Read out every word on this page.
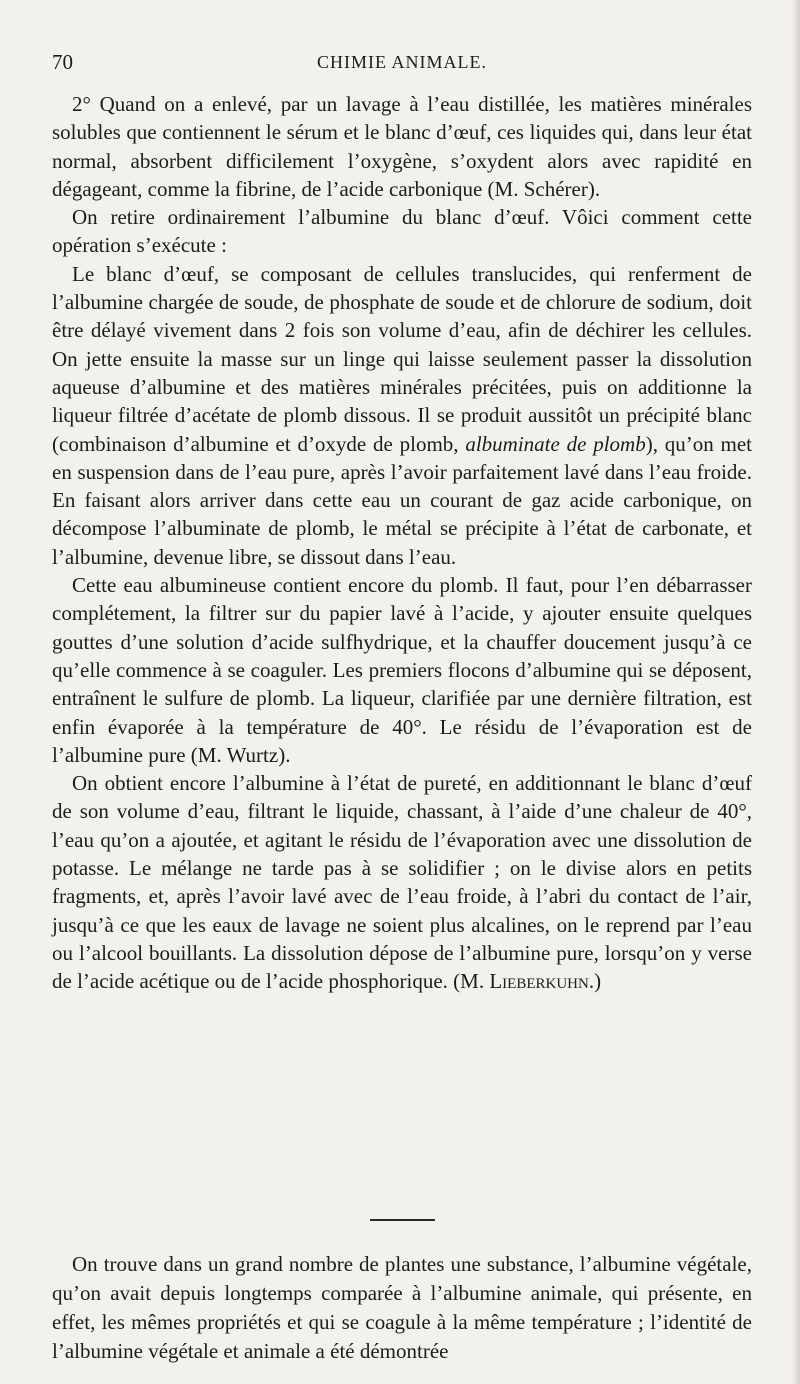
70	CHIMIE ANIMALE.

2° Quand on a enlevé, par un lavage à l’eau distillée, les matières minérales solubles que contiennent le sérum et le blanc d’œuf, ces liquides qui, dans leur état normal, absorbent difficilement l’oxygène, s’oxydent alors avec rapidité en dégageant, comme la fibrine, de l’acide carbonique (M. Schérer).

On retire ordinairement l’albumine du blanc d’œuf. Vôici comment cette opération s’exécute :

Le blanc d’œuf, se composant de cellules translucides, qui renferment de l’albumine chargée de soude, de phosphate de soude et de chlorure de sodium, doit être délayé vivement dans 2 fois son volume d’eau, afin de déchirer les cellules. On jette ensuite la masse sur un linge qui laisse seulement passer la dissolution aqueuse d’albumine et des matières minérales précitées, puis on additionne la liqueur filtrée d’acétate de plomb dissous. Il se produit aussitôt un précipité blanc (combinaison d’albumine et d’oxyde de plomb, albuminate de plomb), qu’on met en suspension dans de l’eau pure, après l’avoir parfaitement lavé dans l’eau froide. En faisant alors arriver dans cette eau un courant de gaz acide carbonique, on décompose l’albuminate de plomb, le métal se précipite à l’état de carbonate, et l’albumine, devenue libre, se dissout dans l’eau.

Cette eau albumineuse contient encore du plomb. Il faut, pour l’en débarrasser complétement, la filtrer sur du papier lavé à l’acide, y ajouter ensuite quelques gouttes d’une solution d’acide sulfhydrique, et la chauffer doucement jusqu’à ce qu’elle commence à se coaguler. Les premiers flocons d’albumine qui se déposent, entraînent le sulfure de plomb. La liqueur, clarifiée par une dernière filtration, est enfin évaporée à la température de 40°. Le résidu de l’évaporation est de l’albumine pure (M. Wurtz).

On obtient encore l’albumine à l’état de pureté, en additionnant le blanc d’œuf de son volume d’eau, filtrant le liquide, chassant, à l’aide d’une chaleur de 40°, l’eau qu’on a ajoutée, et agitant le résidu de l’évaporation avec une dissolution de potasse. Le mélange ne tarde pas à se solidifier ; on le divise alors en petits fragments, et, après l’avoir lavé avec de l’eau froide, à l’abri du contact de l’air, jusqu’à ce que les eaux de lavage ne soient plus alcalines, on le reprend par l’eau ou l’alcool bouillants. La dissolution dépose de l’albumine pure, lorsqu’on y verse de l’acide acétique ou de l’acide phosphorique. (M. Lieberkuhn.)

On trouve dans un grand nombre de plantes une substance, l’albumine végétale, qu’on avait depuis longtemps comparée à l’albumine animale, qui présente, en effet, les mêmes propriétés et qui se coagule à la même température ; l’identité de l’albumine végétale et animale a été démontrée
